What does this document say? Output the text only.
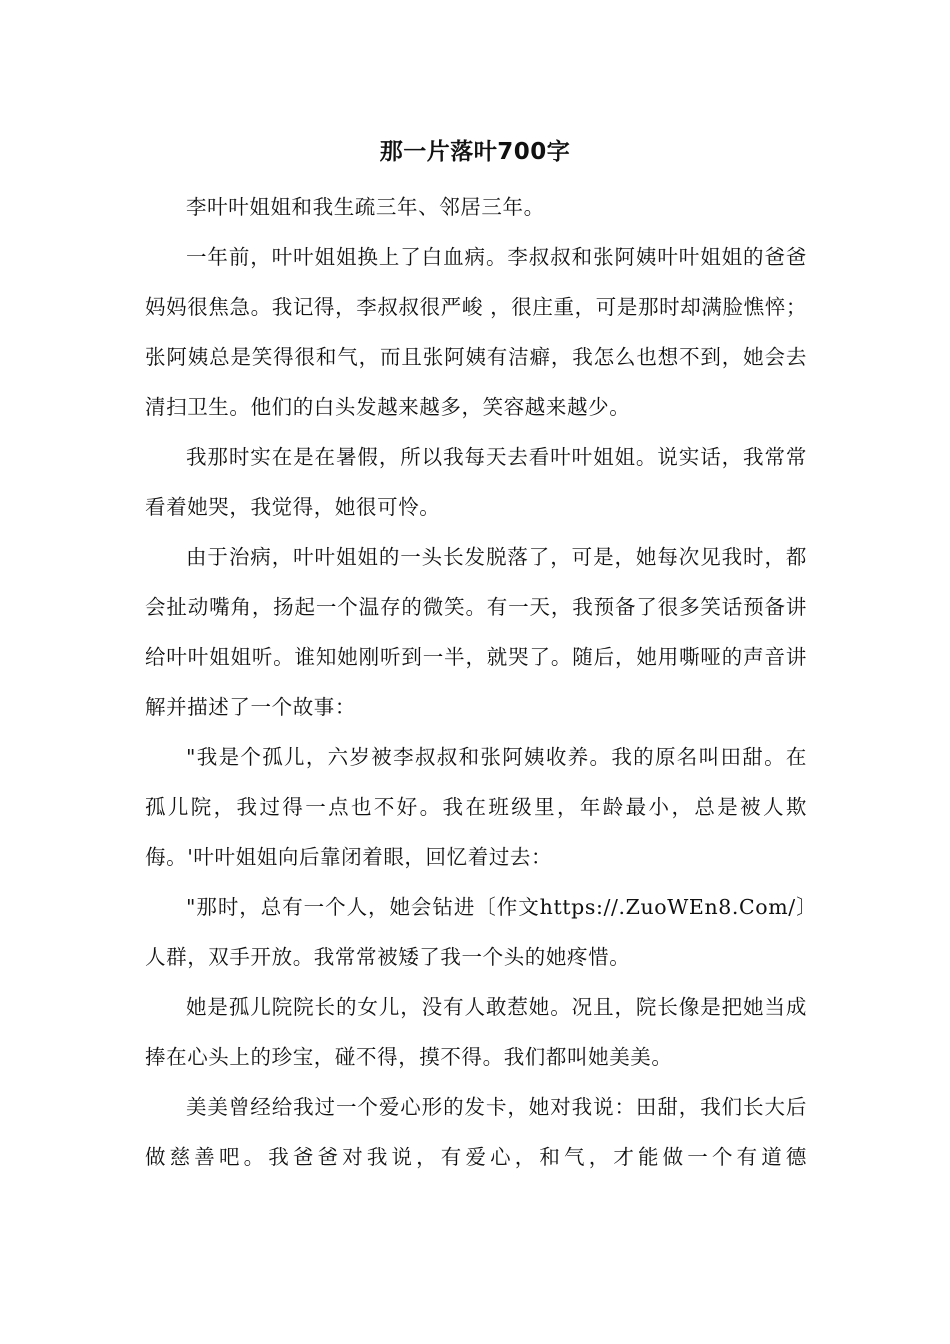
那一片落叶700字

李叶叶姐姐和我生疏三年、邻居三年。

一年前，叶叶姐姐换上了白血病。李叔叔和张阿姨叶叶姐姐的爸爸妈妈很焦急。我记得，李叔叔很严峻 ，很庄重，可是那时却满脸憔悴；张阿姨总是笑得很和气，而且张阿姨有洁癖，我怎么也想不到，她会去清扫卫生。他们的白头发越来越多，笑容越来越少。

我那时实在是在暑假，所以我每天去看叶叶姐姐。说实话，我常常看着她哭，我觉得，她很可怜。

由于治病，叶叶姐姐的一头长发脱落了，可是，她每次见我时，都会扯动嘴角，扬起一个温存的微笑。有一天，我预备了很多笑话预备讲给叶叶姐姐听。谁知她刚听到一半，就哭了。随后，她用嘶哑的声音讲解并描述了一个故事：

"我是个孤儿，六岁被李叔叔和张阿姨收养。我的原名叫田甜。在孤儿院，我过得一点也不好。我在班级里，年龄最小，总是被人欺侮。'叶叶姐姐向后靠闭着眼，回忆着过去：

"那时，总有一个人，她会钻进〔作文https://.ZuoWEn8.Com/〕人群，双手开放。我常常被矮了我一个头的她疼惜。

她是孤儿院院长的女儿，没有人敢惹她。况且，院长像是把她当成捧在心头上的珍宝，碰不得，摸不得。我们都叫她美美。

美美曾经给我过一个爱心形的发卡，她对我说：田甜，我们长大后做慈善吧。我爸爸对我说，有爱心，和气，才能做一个有道德
